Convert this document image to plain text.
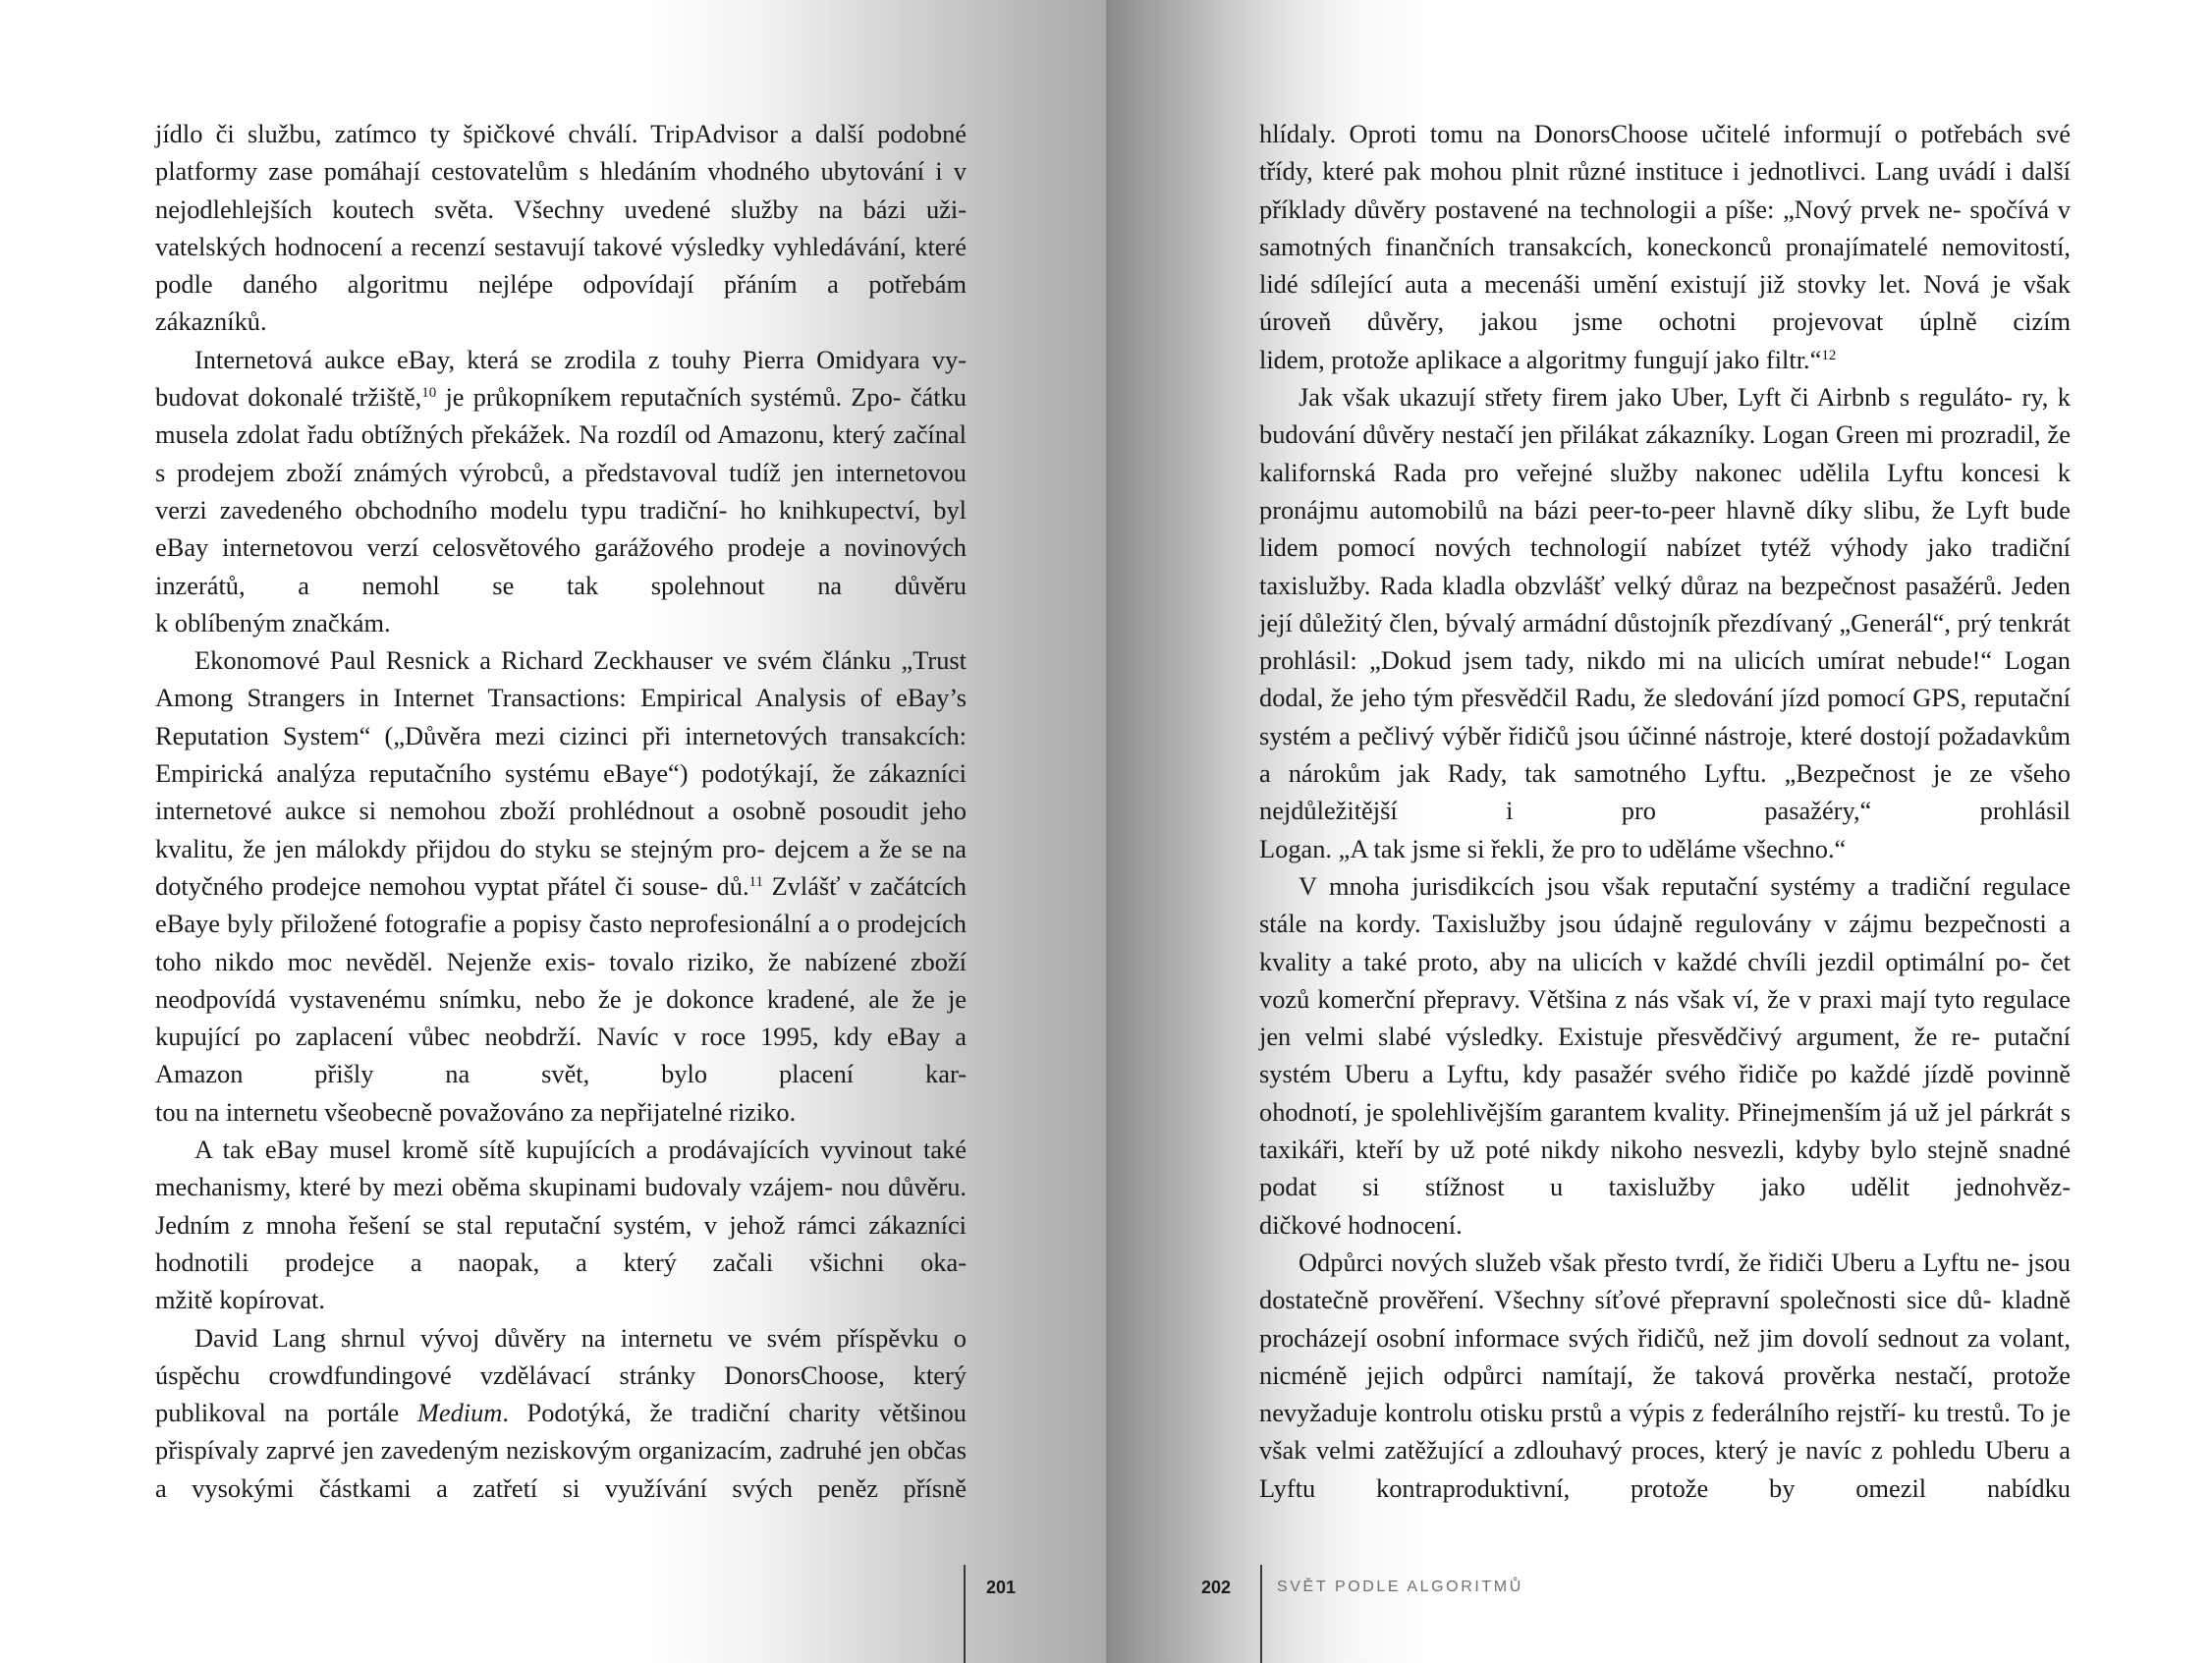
jídlo či službu, zatímco ty špičkové chválí. TripAdvisor a další podobné platformy zase pomáhají cestovatelům s hledáním vhodného ubytování i v nejodlehlejších koutech světa. Všechny uvedené služby na bázi uži- vatelských hodnocení a recenzí sestavují takové výsledky vyhledávání, které podle daného algoritmu nejlépe odpovídají přáním a potřebám

zákazníků.

Internetová aukce eBay, která se zrodila z touhy Pierra Omidyara vy- budovat dokonalé tržiště,$^{10}$ je průkopníkem reputačních systémů. Zpo- čátku musela zdolat řadu obtížných překážek. Na rozdíl od Amazonu, který začínal s prodejem zboží známých výrobců, a představoval tudíž jen internetovou verzi zavedeného obchodního modelu typu tradiční- ho knihkupectví, byl eBay internetovou verzí celosvětového garážového prodeje a novinových inzerátů, a nemohl se tak spolehnout na důvěru

k oblíbeným značkám.

Ekonomové Paul Resnick a Richard Zeckhauser ve svém článku „Trust Among Strangers in Internet Transactions: Empirical Analysis of eBay’s Reputation System“ („Důvěra mezi cizinci při internetových transakcích: Empirická analýza reputačního systému eBaye“) podotýkají, že zákazníci internetové aukce si nemohou zboží prohlédnout a osobně posoudit jeho kvalitu, že jen málokdy přijdou do styku se stejným pro- dejcem a že se na dotyčného prodejce nemohou vyptat přátel či souse- dů.$^{11}$ Zvlášť v začátcích eBaye byly přiložené fotografie a popisy často neprofesionální a o prodejcích toho nikdo moc nevěděl. Nejenže exis- tovalo riziko, že nabízené zboží neodpovídá vystavenému snímku, nebo že je dokonce kradené, ale že je kupující po zaplacení vůbec neobdrží. Navíc v roce 1995, kdy eBay a Amazon přišly na svět, bylo placení kar-

tou na internetu všeobecně považováno za nepřijatelné riziko.

A tak eBay musel kromě sítě kupujících a prodávajících vyvinout také mechanismy, které by mezi oběma skupinami budovaly vzájem- nou důvěru. Jedním z mnoha řešení se stal reputační systém, v jehož rámci zákazníci hodnotili prodejce a naopak, a který začali všichni oka-

mžitě kopírovat.

David Lang shrnul vývoj důvěry na internetu ve svém příspěvku o úspěchu crowdfundingové vzdělávací stránky DonorsChoose, který publikoval na portále Medium. Podotýká, že tradiční charity většinou přispívaly zaprvé jen zavedeným neziskovým organizacím, zadruhé jen občas a vysokými částkami a zatřetí si využívání svých peněz přísně

201

hlídaly. Oproti tomu na DonorsChoose učitelé informují o potřebách své třídy, které pak mohou plnit různé instituce i jednotlivci. Lang uvádí i další příklady důvěry postavené na technologii a píše: „Nový prvek ne- spočívá v samotných finančních transakcích, koneckonců pronajímatelé nemovitostí, lidé sdílející auta a mecenáši umění existují již stovky let. Nová je však úroveň důvěry, jakou jsme ochotni projevovat úplně cizím

lidem, protože aplikace a algoritmy fungují jako filtr.“$^{12}$

Jak však ukazují střety firem jako Uber, Lyft či Airbnb s reguláto- ry, k budování důvěry nestačí jen přilákat zákazníky. Logan Green mi prozradil, že kalifornská Rada pro veřejné služby nakonec udělila Lyftu koncesi k pronájmu automobilů na bázi peer-to-peer hlavně díky slibu, že Lyft bude lidem pomocí nových technologií nabízet tytéž výhody jako tradiční taxislužby. Rada kladla obzvlášť velký důraz na bezpečnost pasažérů. Jeden její důležitý člen, bývalý armádní důstojník přezdívaný „Generál“, prý tenkrát prohlásil: „Dokud jsem tady, nikdo mi na ulicích umírat nebude!“ Logan dodal, že jeho tým přesvědčil Radu, že sledování jízd pomocí GPS, reputační systém a pečlivý výběr řidičů jsou účinné nástroje, které dostojí požadavkům a nárokům jak Rady, tak samotného Lyftu. „Bezpečnost je ze všeho nejdůležitější i pro pasažéry,“ prohlásil

Logan. „A tak jsme si řekli, že pro to uděláme všechno.“

V mnoha jurisdikcích jsou však reputační systémy a tradiční regulace stále na kordy. Taxislužby jsou údajně regulovány v zájmu bezpečnosti a kvality a také proto, aby na ulicích v každé chvíli jezdil optimální po- čet vozů komerční přepravy. Většina z nás však ví, že v praxi mají tyto regulace jen velmi slabé výsledky. Existuje přesvědčivý argument, že re- putační systém Uberu a Lyftu, kdy pasažér svého řidiče po každé jízdě povinně ohodnotí, je spolehlivějším garantem kvality. Přinejmenším já už jel párkrát s taxikáři, kteří by už poté nikdy nikoho nesvezli, kdyby bylo stejně snadné podat si stížnost u taxislužby jako udělit jednohvěz-

dičkové hodnocení.

Odpůrci nových služeb však přesto tvrdí, že řidiči Uberu a Lyftu ne- jsou dostatečně prověření. Všechny síťové přepravní společnosti sice dů- kladně procházejí osobní informace svých řidičů, než jim dovolí sednout za volant, nicméně jejich odpůrci namítají, že taková prověrka nestačí, protože nevyžaduje kontrolu otisku prstů a výpis z federálního rejstří- ku trestů. To je však velmi zatěžující a zdlouhavý proces, který je navíc z pohledu Uberu a Lyftu kontraproduktivní, protože by omezil nabídku

202	SVĚT PODLE ALGORITMŮ
